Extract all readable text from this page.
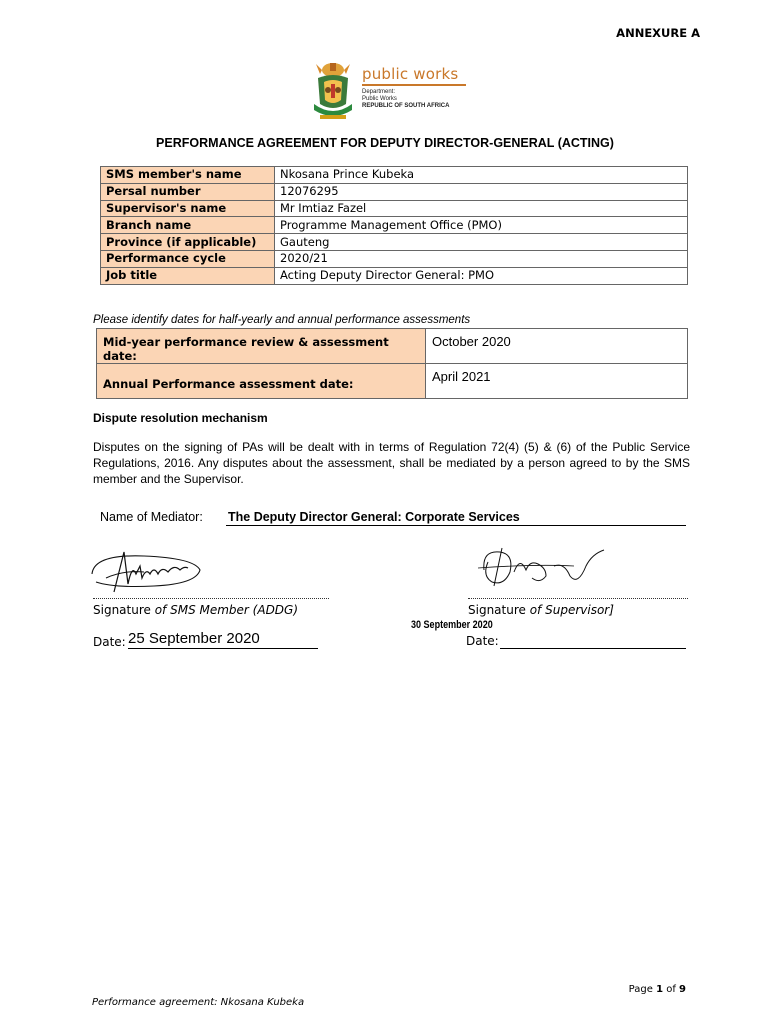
ANNEXURE A
public works
Department:
Public Works
REPUBLIC OF SOUTH AFRICA
PERFORMANCE AGREEMENT FOR DEPUTY DIRECTOR-GENERAL (ACTING)
SMS member's name	Nkosana Prince Kubeka
Persal number	12076295
Supervisor's name	Mr Imtiaz Fazel
Branch name	Programme Management Office (PMO)
Province (if applicable)	Gauteng
Performance cycle	2020/21
Job title	Acting Deputy Director General: PMO
Please identify dates for half-yearly and annual performance assessments
Mid-year performance review & assessment date:	October 2020
Annual Performance assessment date:	April 2021
Dispute resolution mechanism
Disputes on the signing of PAs will be dealt with in terms of Regulation 72(4) (5) & (6) of the Public Service Regulations, 2016. Any disputes about the assessment, shall be mediated by a person agreed to by the SMS member and the Supervisor.
Name of Mediator: The Deputy Director General: Corporate Services
Signature of SMS Member (ADDG)
Date: 25 September 2020
Signature of Supervisor]
30 September 2020
Date:
Page 1 of 9
Performance agreement: Nkosana Kubeka
